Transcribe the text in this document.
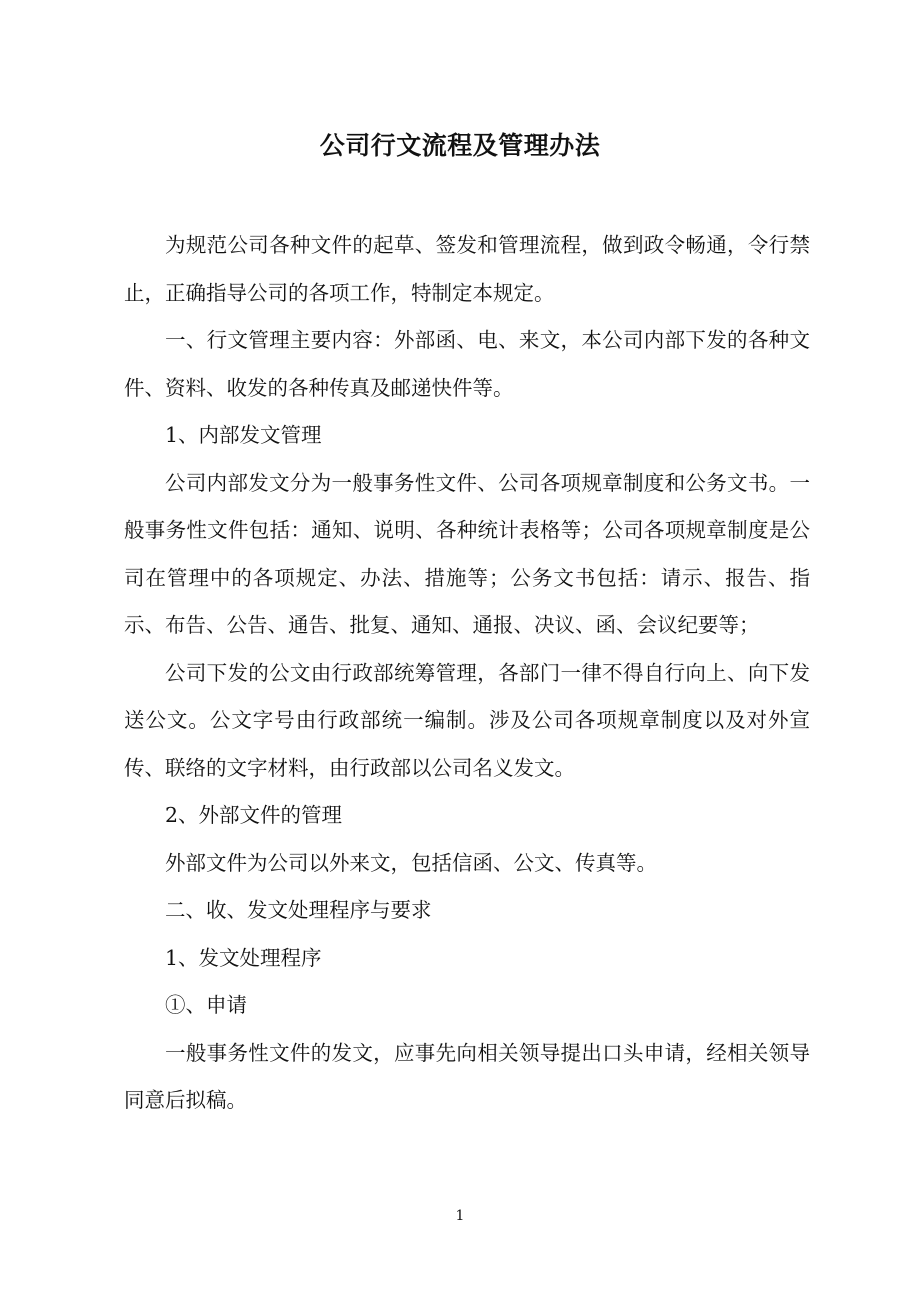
公司行文流程及管理办法

为规范公司各种文件的起草、签发和管理流程，做到政令畅通，令行禁止，正确指导公司的各项工作，特制定本规定。

一、行文管理主要内容：外部函、电、来文，本公司内部下发的各种文件、资料、收发的各种传真及邮递快件等。

1、内部发文管理

公司内部发文分为一般事务性文件、公司各项规章制度和公务文书。一般事务性文件包括：通知、说明、各种统计表格等；公司各项规章制度是公司在管理中的各项规定、办法、措施等；公务文书包括：请示、报告、指示、布告、公告、通告、批复、通知、通报、决议、函、会议纪要等；

公司下发的公文由行政部统筹管理，各部门一律不得自行向上、向下发送公文。公文字号由行政部统一编制。涉及公司各项规章制度以及对外宣传、联络的文字材料，由行政部以公司名义发文。

2、外部文件的管理

外部文件为公司以外来文，包括信函、公文、传真等。

二、收、发文处理程序与要求

1、发文处理程序

①、申请

一般事务性文件的发文，应事先向相关领导提出口头申请，经相关领导同意后拟稿。

1
